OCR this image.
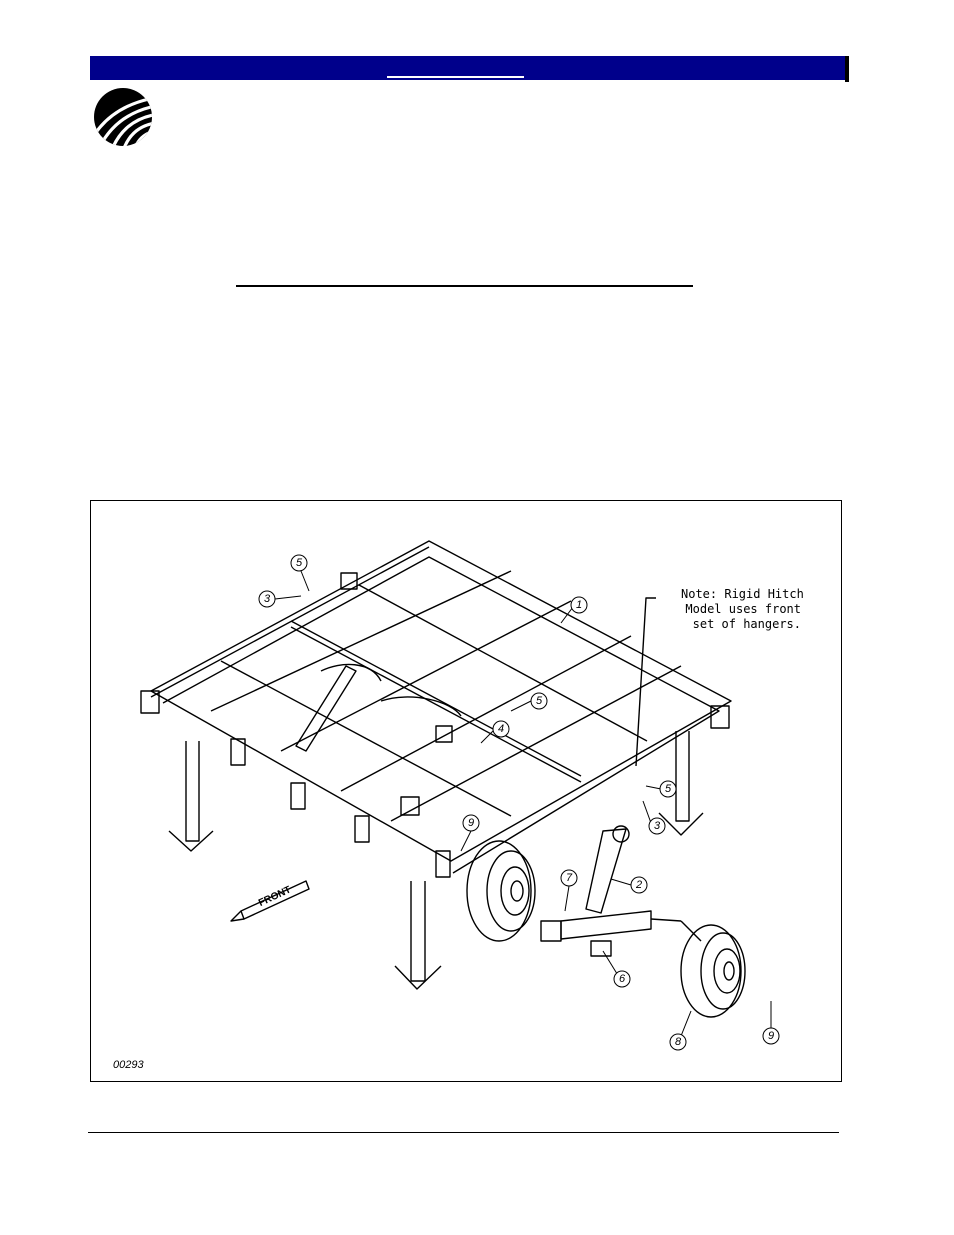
5
3	1
5
4
5
3
9
7
2
6
8	9
FRONT
Note: Rigid Hitch
Model uses front
set of hangers.
00293
